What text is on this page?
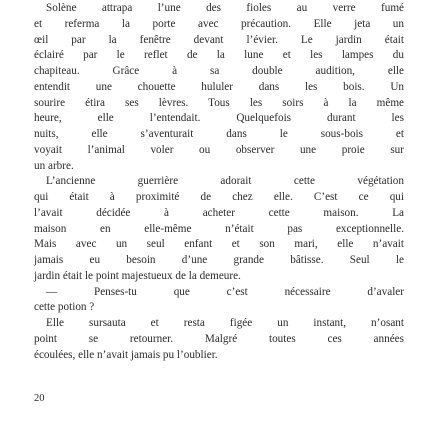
Solène attrapa l’une des fioles au verre fumé
et referma la porte avec précaution. Elle jeta un
œil par la fenêtre devant l’évier. Le jardin était
éclairé par le reflet de la lune et les lampes du
chapiteau. Grâce à sa double audition, elle
entendit une chouette hululer dans les bois. Un
sourire étira ses lèvres. Tous les soirs à la même
heure, elle l’entendait. Quelquefois durant les
nuits, elle s’aventurait dans le sous-bois et
voyait l’animal voler ou observer une proie sur
un arbre.
L’ancienne guerrière adorait cette végétation
qui était à proximité de chez elle. C’est ce qui
l’avait décidée à acheter cette maison. La
maison en elle-même n’était pas exceptionnelle.
Mais avec un seul enfant et son mari, elle n’avait
jamais eu besoin d’une grande bâtisse. Seul le
jardin était le point majestueux de la demeure.
— Penses-tu que c’est nécessaire d’avaler
cette potion ?
Elle sursauta et resta figée un instant, n’osant
point se retourner. Malgré toutes ces années
écoulées, elle n’avait jamais pu l’oublier.
20
